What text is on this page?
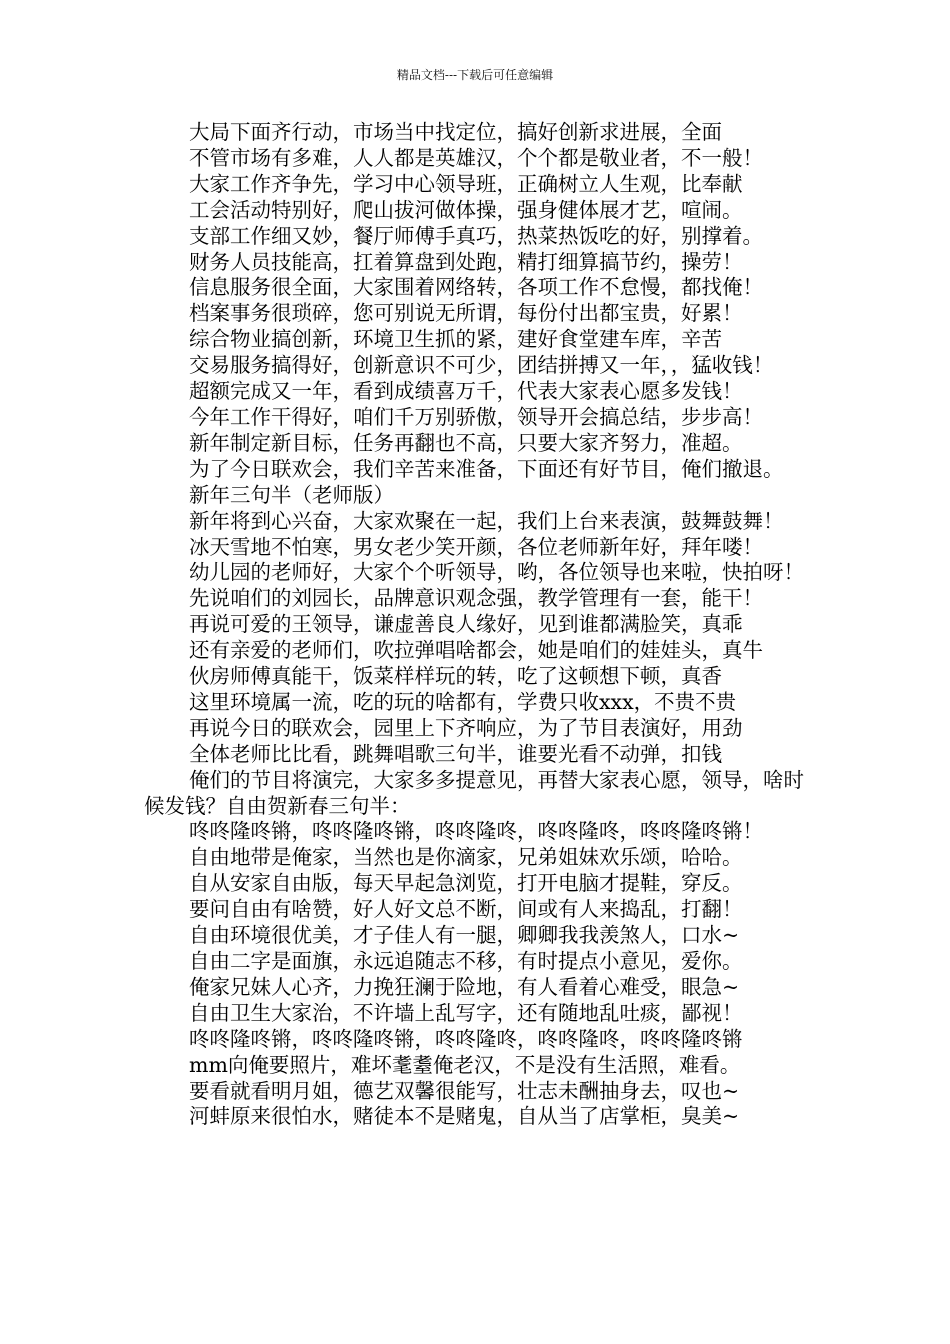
精品文档---下载后可任意编辑

大局下面齐行动，市场当中找定位，搞好创新求进展，全面

不管市场有多难，人人都是英雄汉，个个都是敬业者，不一般！

大家工作齐争先，学习中心领导班，正确树立人生观，比奉献

工会活动特别好，爬山拔河做体操，强身健体展才艺，喧闹。

支部工作细又妙，餐厅师傅手真巧，热菜热饭吃的好，别撑着。

财务人员技能高，扛着算盘到处跑，精打细算搞节约，操劳！

信息服务很全面，大家围着网络转，各项工作不怠慢，都找俺！

档案事务很琐碎，您可别说无所谓，每份付出都宝贵，好累！

综合物业搞创新，环境卫生抓的紧，建好食堂建车库，辛苦

交易服务搞得好，创新意识不可少，团结拼搏又一年，，猛收钱！

超额完成又一年，看到成绩喜万千，代表大家表心愿多发钱！

今年工作干得好，咱们千万别骄傲，领导开会搞总结，步步高！

新年制定新目标，任务再翻也不高，只要大家齐努力，准超。

为了今日联欢会，我们辛苦来准备，下面还有好节目，俺们撤退。

新年三句半（老师版）

新年将到心兴奋，大家欢聚在一起，我们上台来表演，鼓舞鼓舞！

冰天雪地不怕寒，男女老少笑开颜，各位老师新年好，拜年喽！

幼儿园的老师好，大家个个听领导，哟，各位领导也来啦，快拍呀！

先说咱们的刘园长，品牌意识观念强，教学管理有一套，能干！

再说可爱的王领导，谦虚善良人缘好，见到谁都满脸笑，真乖

还有亲爱的老师们，吹拉弹唱啥都会，她是咱们的娃娃头，真牛

伙房师傅真能干，饭菜样样玩的转，吃了这顿想下顿，真香

这里环境属一流，吃的玩的啥都有，学费只收xxx，不贵不贵

再说今日的联欢会，园里上下齐响应，为了节目表演好，用劲

全体老师比比看，跳舞唱歌三句半，谁要光看不动弹，扣钱

俺们的节目将演完，大家多多提意见，再替大家表心愿，领导，啥时候发钱？自由贺新春三句半：

咚咚隆咚锵，咚咚隆咚锵，咚咚隆咚，咚咚隆咚，咚咚隆咚锵！

自由地带是俺家，当然也是你滴家，兄弟姐妹欢乐颂，哈哈。

自从安家自由版，每天早起急浏览，打开电脑才提鞋，穿反。

要问自由有啥赞，好人好文总不断，间或有人来捣乱，打翻！

自由环境很优美，才子佳人有一腿，卿卿我我羡煞人，口水~

自由二字是面旗，永远追随志不移，有时提点小意见，爱你。

俺家兄妹人心齐，力挽狂澜于险地，有人看着心难受，眼急~

自由卫生大家治，不许墙上乱写字，还有随地乱吐痰，鄙视！

咚咚隆咚锵，咚咚隆咚锵，咚咚隆咚，咚咚隆咚，咚咚隆咚锵

mm向俺要照片，难坏耄耋俺老汉，不是没有生活照，难看。

要看就看明月姐，德艺双馨很能写，壮志未酬抽身去，叹也~

河蚌原来很怕水，赌徒本不是赌鬼，自从当了店掌柜，臭美~
